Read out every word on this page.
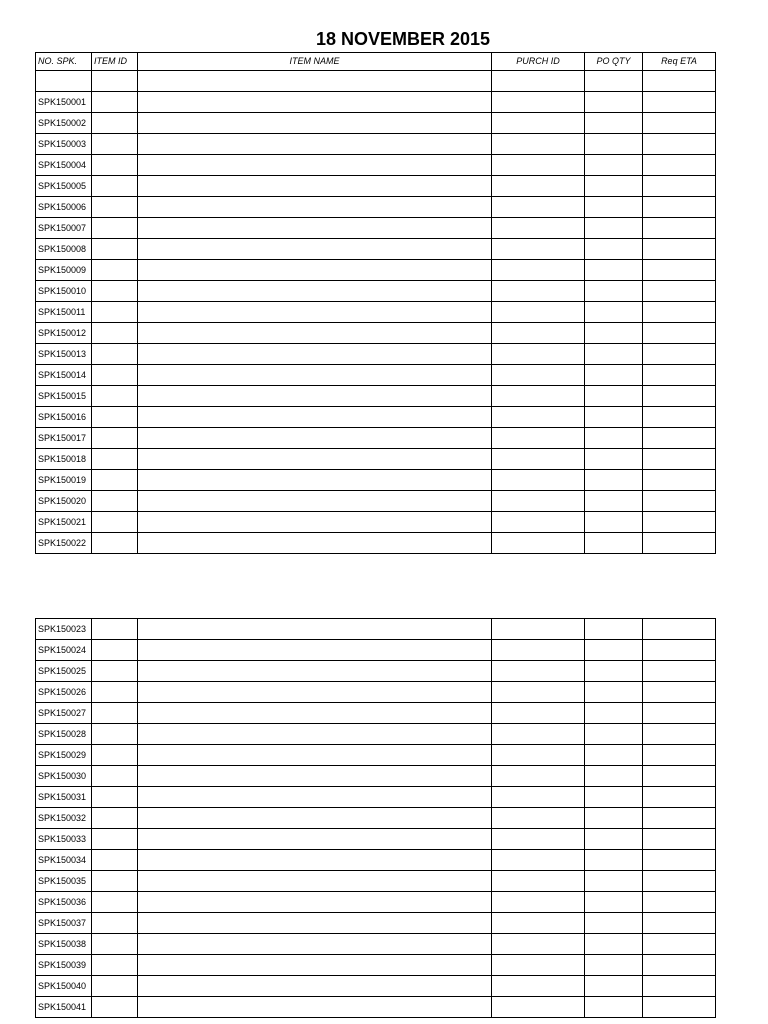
18 NOVEMBER 2015
NO. SPK.	ITEM ID	ITEM NAME	PURCH ID	PO QTY	Req ETA

SPK150001					
SPK150002					
SPK150003					
SPK150004					
SPK150005					
SPK150006					
SPK150007					
SPK150008					
SPK150009					
SPK150010					
SPK150011					
SPK150012					
SPK150013					
SPK150014					
SPK150015					
SPK150016					
SPK150017					
SPK150018					
SPK150019					
SPK150020					
SPK150021					
SPK150022					
SPK150023					
SPK150024					
SPK150025					
SPK150026					
SPK150027					
SPK150028					
SPK150029					
SPK150030					
SPK150031					
SPK150032					
SPK150033					
SPK150034					
SPK150035					
SPK150036					
SPK150037					
SPK150038					
SPK150039					
SPK150040					
SPK150041					
